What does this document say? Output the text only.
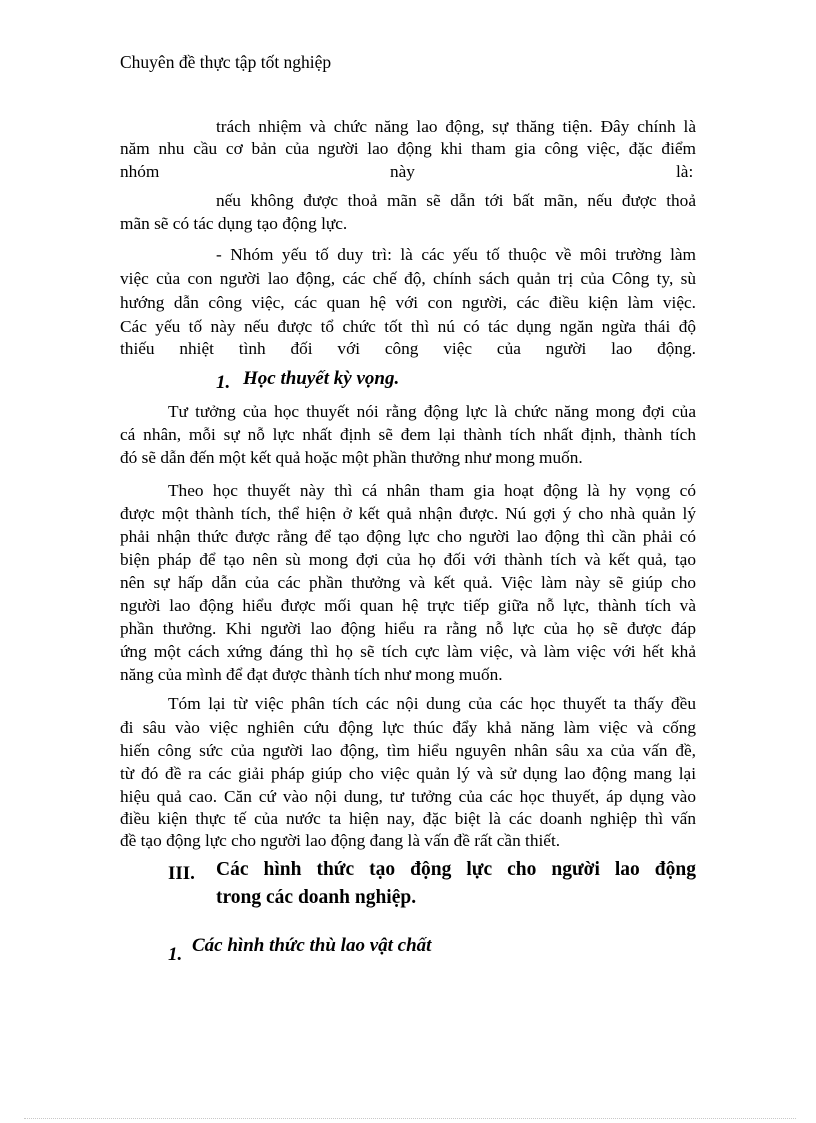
Chuyên đề thực tập tốt nghiệp
trách nhiệm và chức năng lao động, sự thăng tiện. Đây chính là
năm nhu cầu cơ bản của người lao động khi tham gia công việc, đặc điểm
nhóm	này	là:
nếu không được thoả mãn sẽ dẫn tới bất mãn, nếu được thoả
mãn sẽ có tác dụng tạo động lực.
- Nhóm yếu tố duy trì: là các yếu tố thuộc về môi trường làm
việc của con người lao động, các chế độ, chính sách quản trị của Công ty, sù
hướng dẫn công việc, các quan hệ với con người, các điều kiện làm việc.
Các yếu tố này nếu được tổ chức tốt thì nú có tác dụng ngăn ngừa thái độ
thiếu nhiệt tình đối với công việc của người lao động.
1. Học thuyết kỳ vọng.
Tư tưởng của học thuyết nói rằng động lực là chức năng mong đợi của
cá nhân, mỗi sự nỗ lực nhất định sẽ đem lại thành tích nhất định, thành tích
đó sẽ dẫn đến một kết quả hoặc một phần thưởng như mong muốn.
Theo học thuyết này thì cá nhân tham gia hoạt động là hy vọng có
được một thành tích, thể hiện ở kết quả nhận được. Nú gợi ý cho nhà quản lý
phải nhận thức được rằng để tạo động lực cho người lao động thì cần phải có
biện pháp để tạo nên sù mong đợi của họ đối với thành tích và kết quả, tạo
nên sự hấp dẫn của các phần thưởng và kết quả. Việc làm này sẽ giúp cho
người lao động hiểu được mối quan hệ trực tiếp giữa nỗ lực, thành tích và
phần thưởng. Khi người lao động hiểu ra rằng nỗ lực của họ sẽ được đáp
ứng một cách xứng đáng thì họ sẽ tích cực làm việc, và làm việc với hết khả
năng của mình để đạt được thành tích như mong muốn.
Tóm lại từ việc phân tích các nội dung của các học thuyết ta thấy đều
đi sâu vào việc nghiên cứu động lực thúc đẩy khả năng làm việc và cống
hiến công sức của người lao động, tìm hiểu nguyên nhân sâu xa của vấn đề,
từ đó đề ra các giải pháp giúp cho việc quản lý và sử dụng lao động mang lại
hiệu quả cao. Căn cứ vào nội dung, tư tưởng của các học thuyết, áp dụng vào
điều kiện thực tế của nước ta hiện nay, đặc biệt là các doanh nghiệp thì vấn
đề tạo động lực cho người lao động đang là vấn đề rất cần thiết.
III. Các hình thức tạo động lực cho người lao động
trong các doanh nghiệp.
1. Các hình thức thù lao vật chất
